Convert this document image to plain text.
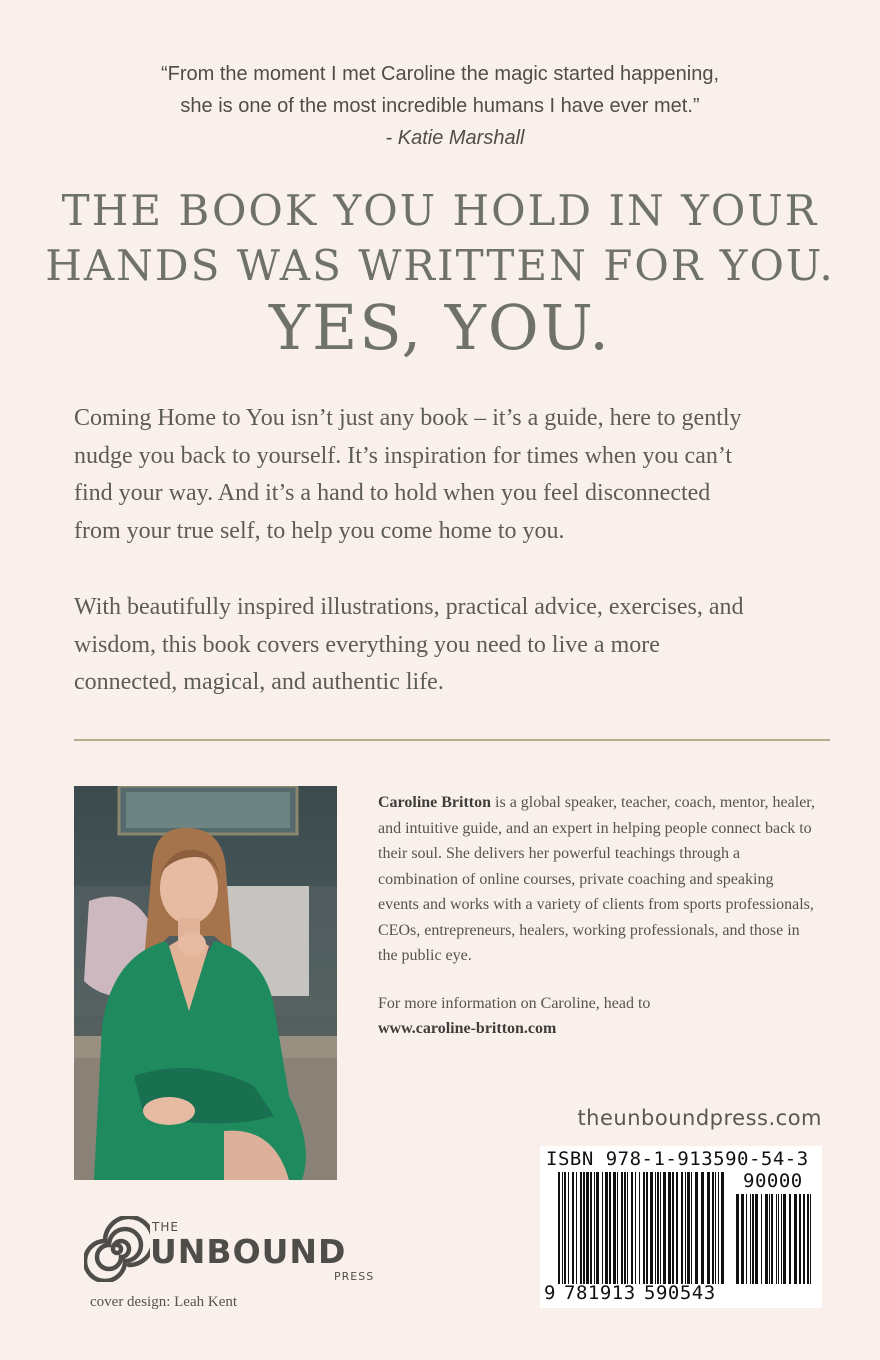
“From the moment I met Caroline the magic started happening,
she is one of the most incredible humans I have ever met.”
- Katie Marshall
THE BOOK YOU HOLD IN YOUR
HANDS WAS WRITTEN FOR YOU.
YES, YOU.
Coming Home to You isn’t just any book – it’s a guide, here to gently
nudge you back to yourself. It’s inspiration for times when you can’t
find your way. And it’s a hand to hold when you feel disconnected
from your true self, to help you come home to you.
With beautifully inspired illustrations, practical advice, exercises, and
wisdom, this book covers everything you need to live a more
connected, magical, and authentic life.
Caroline Britton is a global speaker, teacher, coach, mentor, healer, and intuitive guide, and an expert in helping people connect back to their soul. She delivers her powerful teachings through a combination of online courses, private coaching and speaking events and works with a variety of clients from sports professionals, CEOs, entrepreneurs, healers, working professionals, and those in the public eye.
For more information on Caroline, head to
www.caroline-britton.com
theunboundpress.com
ISBN 978-1-913590-54-3
90000
9 781913 590543
THE
UNBOUND
PRESS
cover design: Leah Kent
